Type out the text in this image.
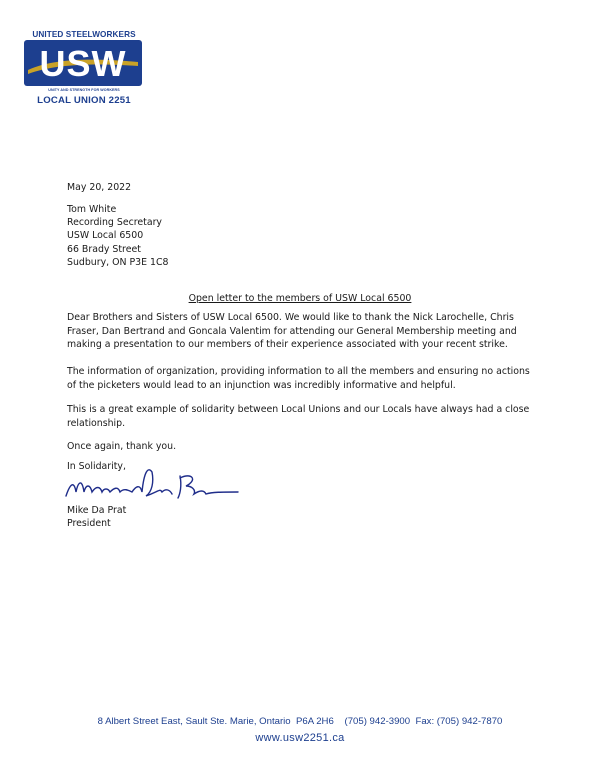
UNITED STEELWORKERS
USW
UNITY AND STRENGTH FOR WORKERS
LOCAL UNION 2251
May 20, 2022
Tom White
Recording Secretary
USW Local 6500
66 Brady Street
Sudbury, ON P3E 1C8
Open letter to the members of USW Local 6500
Dear Brothers and Sisters of USW Local 6500. We would like to thank the Nick Larochelle, Chris Fraser, Dan Bertrand and Goncala Valentim for attending our General Membership meeting and making a presentation to our members of their experience associated with your recent strike.
The information of organization, providing information to all the members and ensuring no actions of the picketers would lead to an injunction was incredibly informative and helpful.
This is a great example of solidarity between Local Unions and our Locals have always had a close relationship.
Once again, thank you.
In Solidarity,
Mike Da Prat
President
8 Albert Street East, Sault Ste. Marie, Ontario  P6A 2H6 (705) 942-3900 Fax: (705) 942-7870
www.usw2251.ca
